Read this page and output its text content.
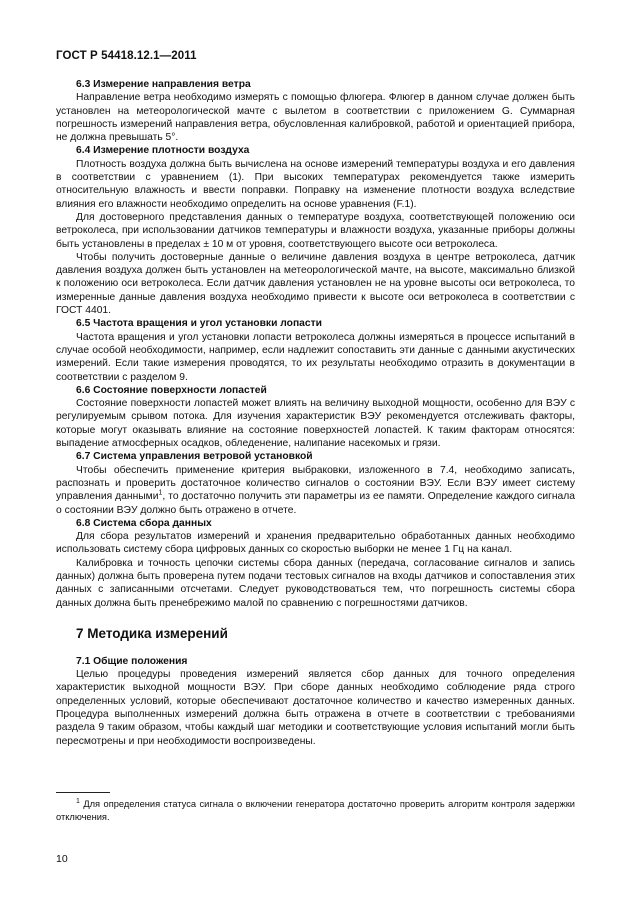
ГОСТ Р 54418.12.1—2011
6.3 Измерение направления ветра

Направление ветра необходимо измерять с помощью флюгера. Флюгер в данном случае должен быть установлен на метеорологической мачте с вылетом в соответствии с приложением G. Суммарная погрешность измерений направления ветра, обусловленная калибровкой, работой и ориентацией прибора, не должна превышать 5°.

6.4 Измерение плотности воздуха

Плотность воздуха должна быть вычислена на основе измерений температуры воздуха и его давления в соответствии с уравнением (1). При высоких температурах рекомендуется также измерить относительную влажность и ввести поправки. Поправку на изменение плотности воздуха вследствие влияния его влажности необходимо определить на основе уравнения (F.1).

Для достоверного представления данных о температуре воздуха, соответствующей положению оси ветроколеса, при использовании датчиков температуры и влажности воздуха, указанные приборы должны быть установлены в пределах ± 10 м от уровня, соответствующего высоте оси ветроколеса.

Чтобы получить достоверные данные о величине давления воздуха в центре ветроколеса, датчик давления воздуха должен быть установлен на метеорологической мачте, на высоте, максимально близкой к положению оси ветроколеса. Если датчик давления установлен не на уровне высоты оси ветроколеса, то измеренные данные давления воздуха необходимо привести к высоте оси ветроколеса в соответствии с ГОСТ 4401.

6.5 Частота вращения и угол установки лопасти

Частота вращения и угол установки лопасти ветроколеса должны измеряться в процессе испытаний в случае особой необходимости, например, если надлежит сопоставить эти данные с данными акустических измерений. Если такие измерения проводятся, то их результаты необходимо отразить в документации в соответствии с разделом 9.

6.6 Состояние поверхности лопастей

Состояние поверхности лопастей может влиять на величину выходной мощности, особенно для ВЭУ с регулируемым срывом потока. Для изучения характеристик ВЭУ рекомендуется отслеживать факторы, которые могут оказывать влияние на состояние поверхностей лопастей. К таким факторам относятся: выпадение атмосферных осадков, обледенение, налипание насекомых и грязи.

6.7 Система управления ветровой установкой

Чтобы обеспечить применение критерия выбраковки, изложенного в 7.4, необходимо записать, распознать и проверить достаточное количество сигналов о состоянии ВЭУ. Если ВЭУ имеет систему управления данными$^1$, то достаточно получить эти параметры из ее памяти. Определение каждого сигнала о состоянии ВЭУ должно быть отражено в отчете.

6.8 Система сбора данных

Для сбора результатов измерений и хранения предварительно обработанных данных необходимо использовать систему сбора цифровых данных со скоростью выборки не менее 1 Гц на канал.

Калибровка и точность цепочки системы сбора данных (передача, согласование сигналов и запись данных) должна быть проверена путем подачи тестовых сигналов на входы датчиков и сопоставления этих данных с записанными отсчетами. Следует руководствоваться тем, что погрешность системы сбора данных должна быть пренебрежимо малой по сравнению с погрешностями датчиков.

7 Методика измерений
7.1 Общие положения

Целью процедуры проведения измерений является сбор данных для точного определения характеристик выходной мощности ВЭУ. При сборе данных необходимо соблюдение ряда строго определенных условий, которые обеспечивают достаточное количество и качество измеренных данных. Процедура выполненных измерений должна быть отражена в отчете в соответствии с требованиями раздела 9 таким образом, чтобы каждый шаг методики и соответствующие условия испытаний могли быть пересмотрены и при необходимости воспроизведены.

$^1$ Для определения статуса сигнала о включении генератора достаточно проверить алгоритм контроля задержки отключения.

10
